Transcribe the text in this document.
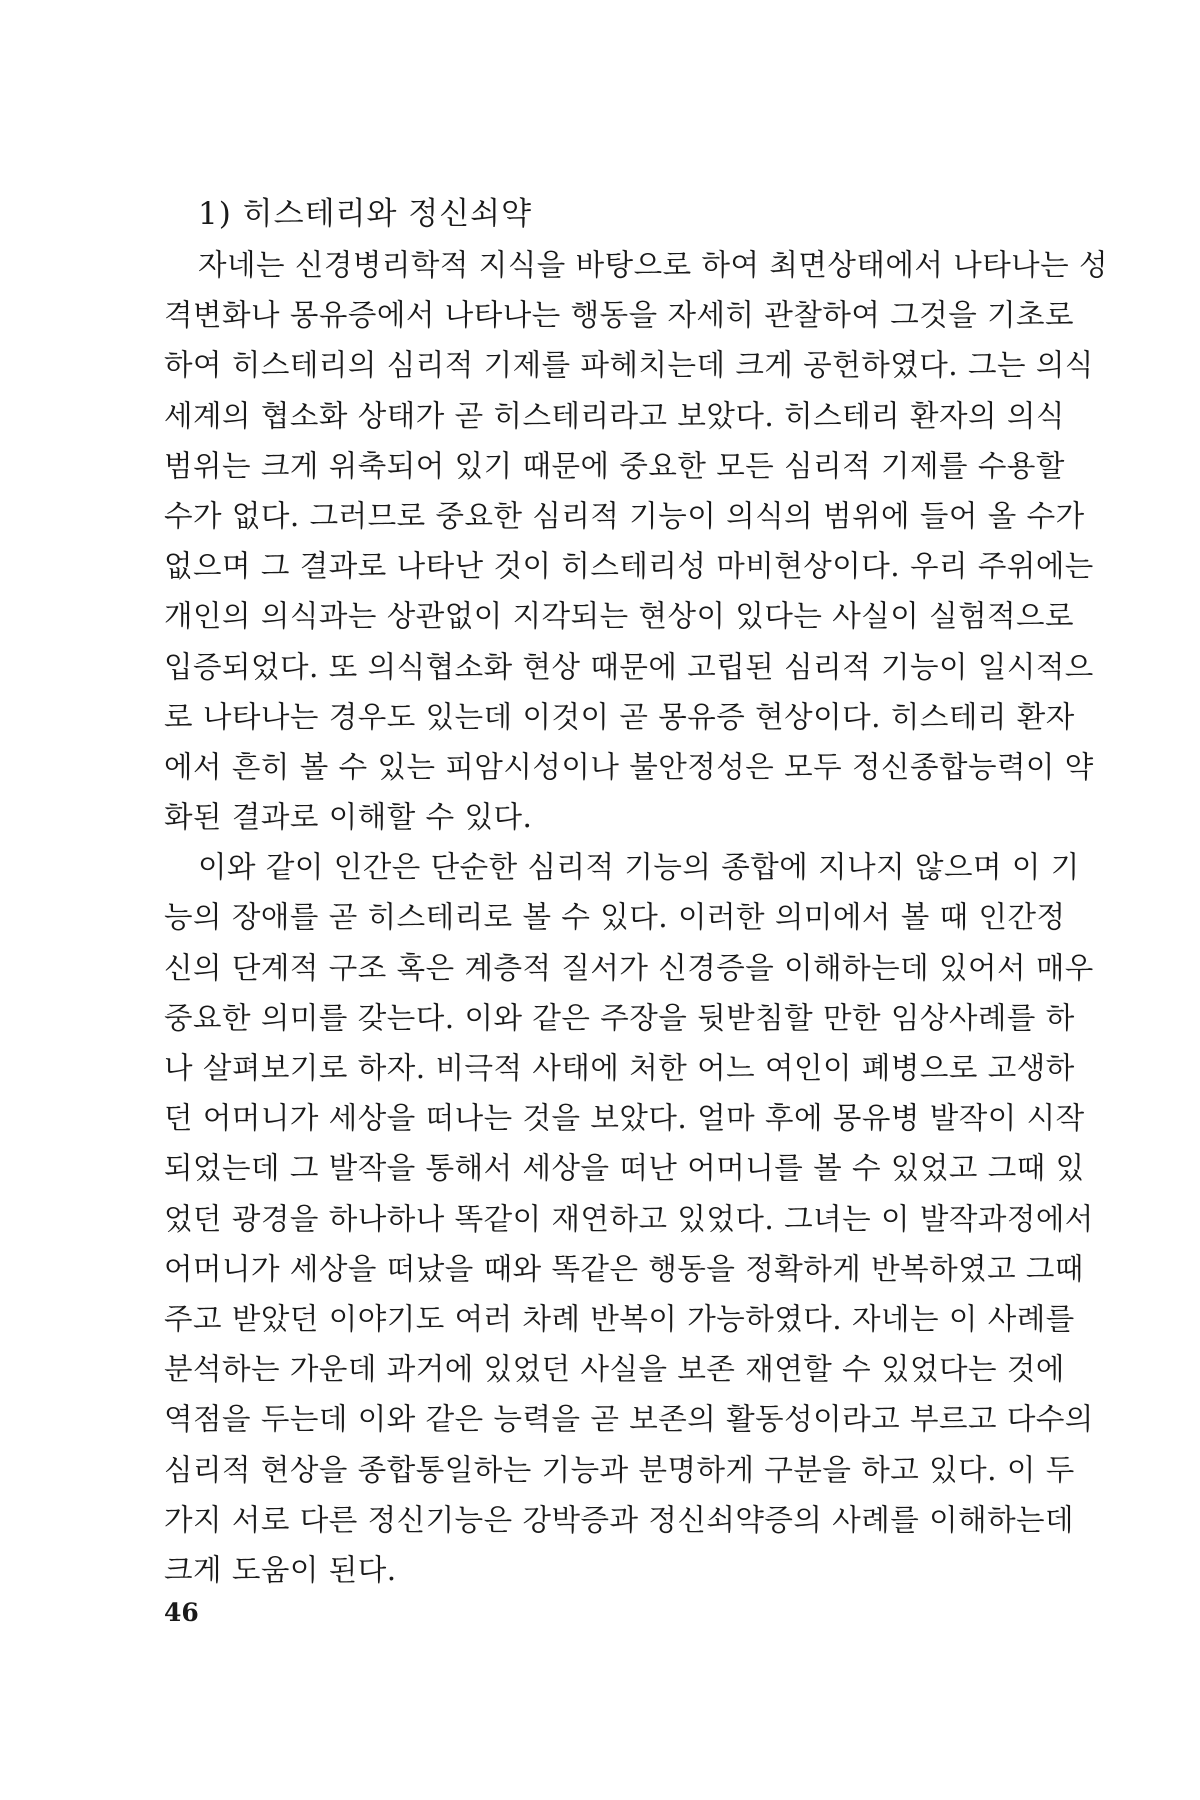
1) 히스테리와 정신쇠약
자네는 신경병리학적 지식을 바탕으로 하여 최면상태에서 나타나는 성
격변화나 몽유증에서 나타나는 행동을 자세히 관찰하여 그것을 기초로
하여 히스테리의 심리적 기제를 파헤치는데 크게 공헌하였다. 그는 의식
세계의 협소화 상태가 곧 히스테리라고 보았다. 히스테리 환자의 의식
범위는 크게 위축되어 있기 때문에 중요한 모든 심리적 기제를 수용할
수가 없다. 그러므로 중요한 심리적 기능이 의식의 범위에 들어 올 수가
없으며 그 결과로 나타난 것이 히스테리성 마비현상이다. 우리 주위에는
개인의 의식과는 상관없이 지각되는 현상이 있다는 사실이 실험적으로
입증되었다. 또 의식협소화 현상 때문에 고립된 심리적 기능이 일시적으
로 나타나는 경우도 있는데 이것이 곧 몽유증 현상이다. 히스테리 환자
에서 흔히 볼 수 있는 피암시성이나 불안정성은 모두 정신종합능력이 약
화된 결과로 이해할 수 있다.
이와 같이 인간은 단순한 심리적 기능의 종합에 지나지 않으며 이 기
능의 장애를 곧 히스테리로 볼 수 있다. 이러한 의미에서 볼 때 인간정
신의 단계적 구조 혹은 계층적 질서가 신경증을 이해하는데 있어서 매우
중요한 의미를 갖는다. 이와 같은 주장을 뒷받침할 만한 임상사례를 하
나 살펴보기로 하자. 비극적 사태에 처한 어느 여인이 폐병으로 고생하
던 어머니가 세상을 떠나는 것을 보았다. 얼마 후에 몽유병 발작이 시작
되었는데 그 발작을 통해서 세상을 떠난 어머니를 볼 수 있었고 그때 있
었던 광경을 하나하나 똑같이 재연하고 있었다. 그녀는 이 발작과정에서
어머니가 세상을 떠났을 때와 똑같은 행동을 정확하게 반복하였고 그때
주고 받았던 이야기도 여러 차례 반복이 가능하였다. 자네는 이 사례를
분석하는 가운데 과거에 있었던 사실을 보존 재연할 수 있었다는 것에
역점을 두는데 이와 같은 능력을 곧 보존의 활동성이라고 부르고 다수의
심리적 현상을 종합통일하는 기능과 분명하게 구분을 하고 있다. 이 두
가지 서로 다른 정신기능은 강박증과 정신쇠약증의 사례를 이해하는데
크게 도움이 된다.
46
